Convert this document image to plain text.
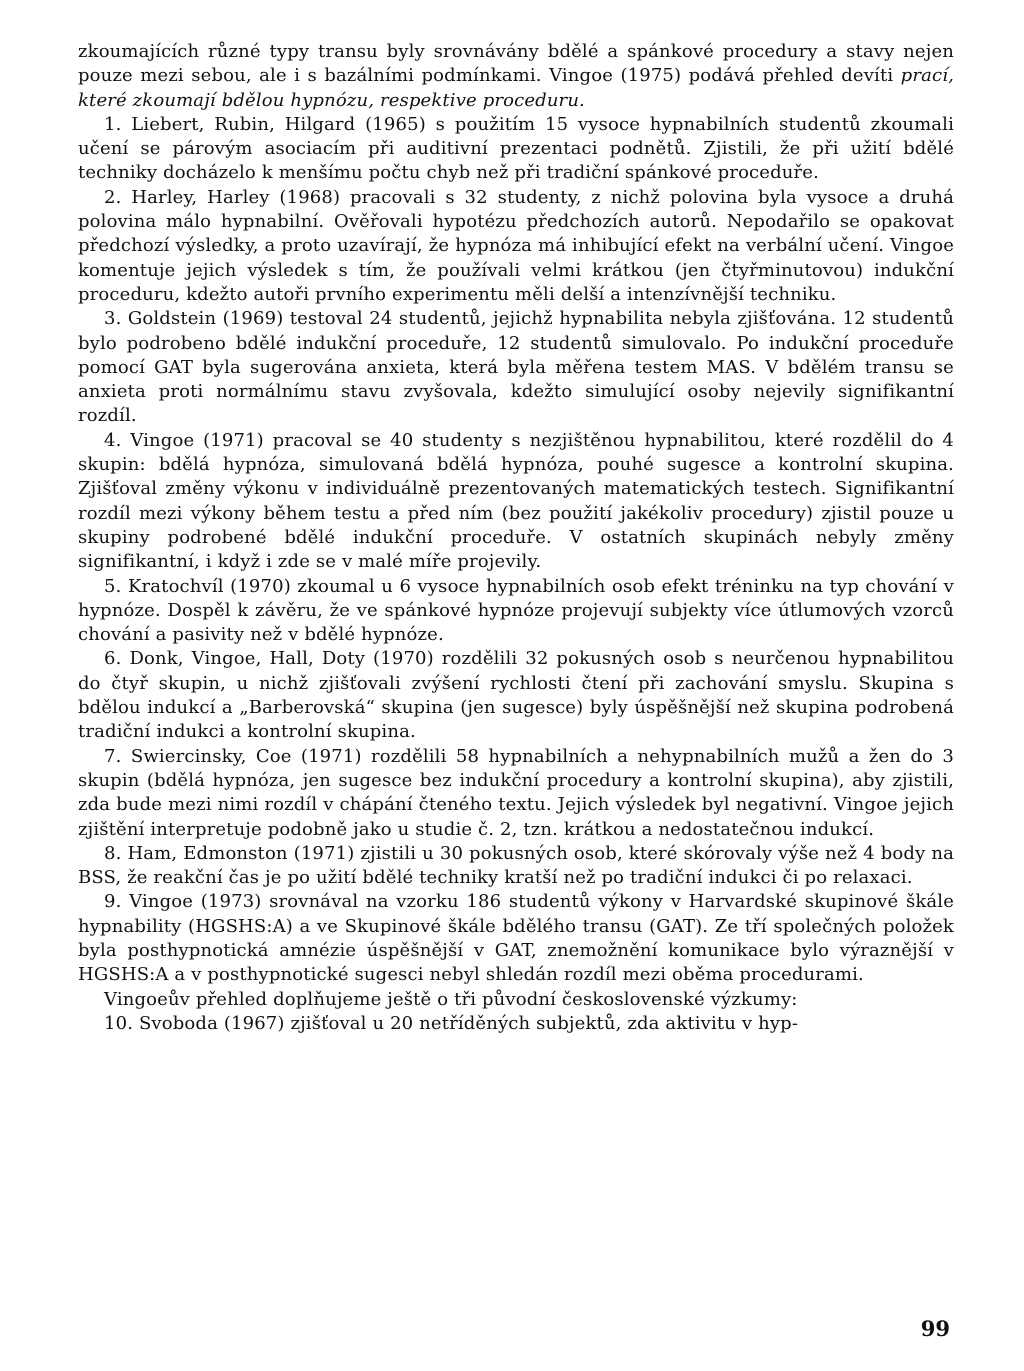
zkoumajících různé typy transu byly srovnávány bdělé a spánkové procedury a stavy nejen pouze mezi sebou, ale i s bazálními podmínkami. Vingoe (1975) podává přehled devíti prací, které zkoumají bdělou hypnózu, respektive proceduru.

1. Liebert, Rubin, Hilgard (1965) s použitím 15 vysoce hypnabilních studentů zkoumali učení se párovým asociacím při auditivní prezentaci podnětů. Zjistili, že při užití bdělé techniky docházelo k menšímu počtu chyb než při tradiční spánkové proceduře.

2. Harley, Harley (1968) pracovali s 32 studenty, z nichž polovina byla vysoce a druhá polovina málo hypnabilní. Ověřovali hypotézu předchozích autorů. Nepodařilo se opakovat předchozí výsledky, a proto uzavírají, že hypnóza má inhibující efekt na verbální učení. Vingoe komentuje jejich výsledek s tím, že používali velmi krátkou (jen čtyřminutovou) indukční proceduru, kdežto autoři prvního experimentu měli delší a intenzívnější techniku.

3. Goldstein (1969) testoval 24 studentů, jejichž hypnabilita nebyla zjišťována. 12 studentů bylo podrobeno bdělé indukční proceduře, 12 studentů simulovalo. Po indukční proceduře pomocí GAT byla sugerována anxieta, která byla měřena testem MAS. V bdělém transu se anxieta proti normálnímu stavu zvyšovala, kdežto simulující osoby nejevily signifikantní rozdíl.

4. Vingoe (1971) pracoval se 40 studenty s nezjištěnou hypnabilitou, které rozdělil do 4 skupin: bdělá hypnóza, simulovaná bdělá hypnóza, pouhé sugesce a kontrolní skupina. Zjišťoval změny výkonu v individuálně prezentovaných matematických testech. Signifikantní rozdíl mezi výkony během testu a před ním (bez použití jakékoliv procedury) zjistil pouze u skupiny podrobené bdělé indukční proceduře. V ostatních skupinách nebyly změny signifikantní, i když i zde se v malé míře projevily.

5. Kratochvíl (1970) zkoumal u 6 vysoce hypnabilních osob efekt tréninku na typ chování v hypnóze. Dospěl k závěru, že ve spánkové hypnóze projevují subjekty více útlumových vzorců chování a pasivity než v bdělé hypnóze.

6. Donk, Vingoe, Hall, Doty (1970) rozdělili 32 pokusných osob s neurčenou hypnabilitou do čtyř skupin, u nichž zjišťovali zvýšení rychlosti čtení při zachování smyslu. Skupina s bdělou indukcí a „Barberovská“ skupina (jen sugesce) byly úspěšnější než skupina podrobená tradiční indukci a kontrolní skupina.

7. Swiercinsky, Coe (1971) rozdělili 58 hypnabilních a nehypnabilních mužů a žen do 3 skupin (bdělá hypnóza, jen sugesce bez indukční procedury a kontrolní skupina), aby zjistili, zda bude mezi nimi rozdíl v chápání čteného textu. Jejich výsledek byl negativní. Vingoe jejich zjištění interpretuje podobně jako u studie č. 2, tzn. krátkou a nedostatečnou indukcí.

8. Ham, Edmonston (1971) zjistili u 30 pokusných osob, které skórovaly výše než 4 body na BSS, že reakční čas je po užití bdělé techniky kratší než po tradiční indukci či po relaxaci.

9. Vingoe (1973) srovnával na vzorku 186 studentů výkony v Harvardské skupinové škále hypnability (HGSHS:A) a ve Skupinové škále bdělého transu (GAT). Ze tří společných položek byla posthypnotická amnézie úspěšnější v GAT, znemožnění komunikace bylo výraznější v HGSHS:A a v posthypnotické sugesci nebyl shledán rozdíl mezi oběma procedurami.

Vingoeův přehled doplňujeme ještě o tři původní československé výzkumy:

10. Svoboda (1967) zjišťoval u 20 netříděných subjektů, zda aktivitu v hyp-

99
